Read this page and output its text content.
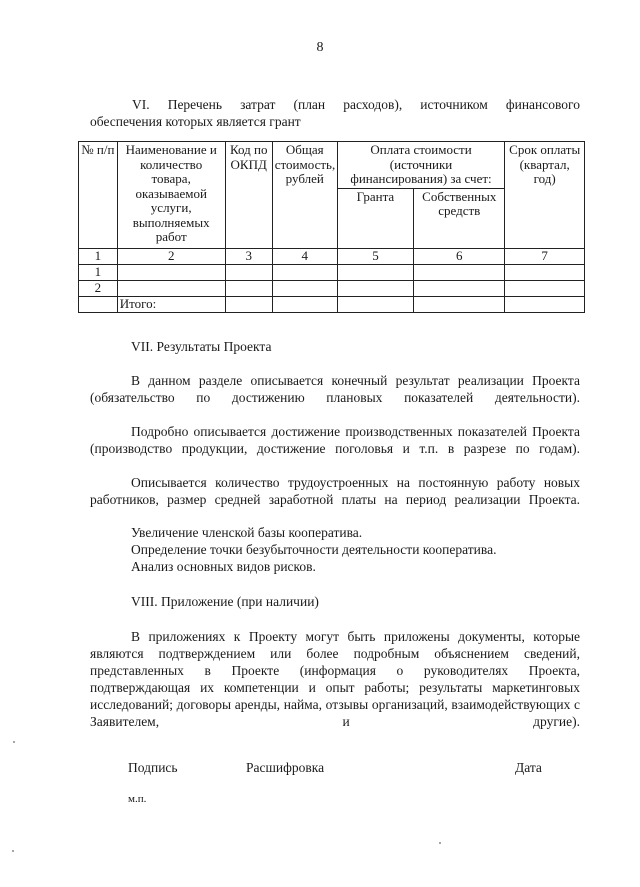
8
VI. Перечень затрат (план расходов), источником финансового
обеспечения которых является грант
№ п/п	Наименование и количество товара, оказываемой услуги, выполняемых работ	Код по ОКПД	Общая стоимость, рублей	Оплата стоимости (источники финансирования) за счет:		Срок оплаты (квартал, год)
				Гранта	Собственных средств	
1	2	3	4	5	6	7
1						
2						
	Итого:					
VII. Результаты Проекта
В данном разделе описывается конечный результат реализации Проекта (обязательство по достижению плановых показателей деятельности).
Подробно описывается достижение производственных показателей Проекта (производство продукции, достижение поголовья и т.п. в разрезе по годам).
Описывается количество трудоустроенных на постоянную работу новых работников, размер средней заработной платы на период реализации Проекта.
Увеличение членской базы кооператива.
Определение точки безубыточности деятельности кооператива.
Анализ основных видов рисков.
VIII. Приложение (при наличии)
В приложениях к Проекту могут быть приложены документы, которые являются подтверждением или более подробным объяснением сведений, представленных в Проекте (информация о руководителях Проекта, подтверждающая их компетенции и опыт работы; результаты маркетинговых исследований; договоры аренды, найма, отзывы организаций, взаимодействующих с Заявителем, и другие).
Подпись	Расшифровка	Дата
м.п.
